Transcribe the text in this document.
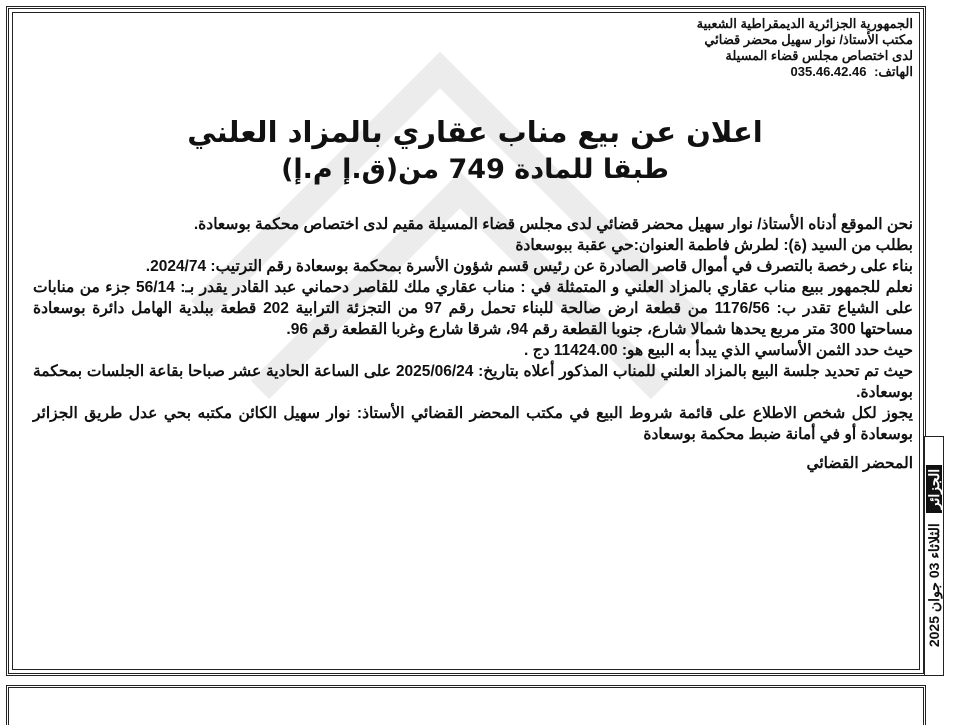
الجمهورية الجزائرية الديمقراطية الشعبية
مكتب الأستاذ/ نوار سهيل محضر قضائي
لدى اختصاص مجلس قضاء المسيلة
الهاتف: 035.46.42.46
اعلان عن بيع مناب عقاري بالمزاد العلني
طبقا للمادة 749 من(ق.إ م.إ)

نحن الموقع أدناه الأستاذ/ نوار سهيل محضر قضائي لدى مجلس قضاء المسيلة مقيم لدى اختصاص محكمة بوسعادة.

بطلب من السيد (ة): لطرش فاطمة العنوان:حي عقبة ببوسعادة

بناء على رخصة بالتصرف في أموال قاصر الصادرة عن رئيس قسم شؤون الأسرة بمحكمة بوسعادة رقم الترتيب: 2024/74.

نعلم للجمهور ببيع مناب عقاري بالمزاد العلني و المتمثلة في : مناب عقاري ملك للقاصر دحماني عبد القادر يقدر بـ: 56/14 جزء من منابات على الشياع تقدر ب: 1176/56 من قطعة ارض صالحة للبناء تحمل رقم 97 من التجزئة الترابية 202 قطعة ببلدية الهامل دائرة بوسعادة مساحتها 300 متر مربع يحدها شمالا شارع، جنوبا القطعة رقم 94، شرقا شارع وغربا القطعة رقم 96.

حيث حدد الثمن الأساسي الذي يبدأ به البيع هو: 11424.00 دج .

حيث تم تحديد جلسة البيع بالمزاد العلني للمناب المذكور أعلاه بتاريخ: 2025/06/24 على الساعة الحادية عشر صباحا بقاعة الجلسات بمحكمة بوسعادة.

يجوز لكل شخص الاطلاع على قائمة شروط البيع في مكتب المحضر القضائي الأستاذ: نوار سهيل الكائن مكتبه بحي عدل طريق الجزائر بوسعادة أو في أمانة ضبط محكمة بوسعادة

المحضر القضائي

الجزائر الثلاثاء 03 جوان 2025
